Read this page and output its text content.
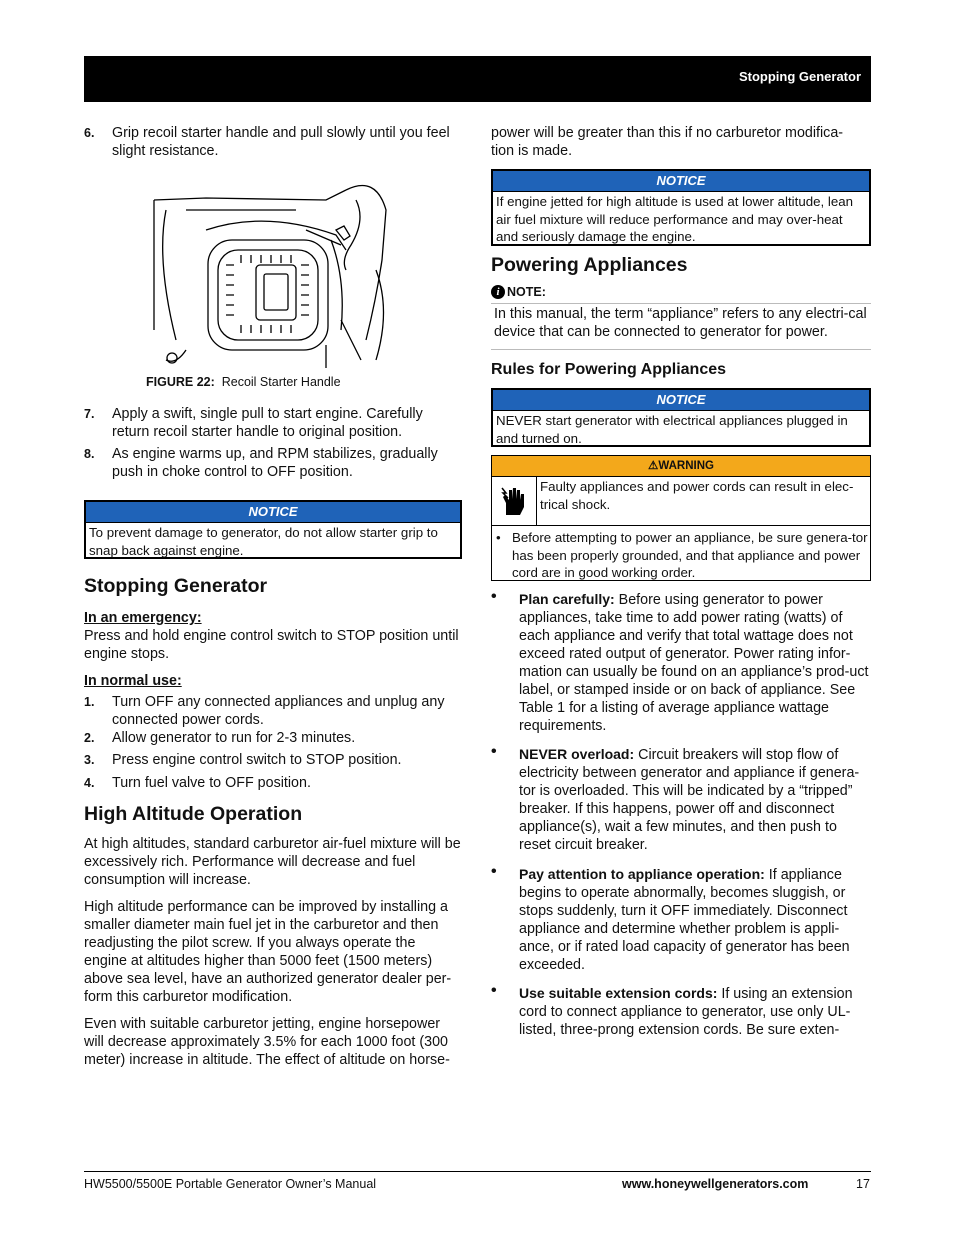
Stopping Generator
6. Grip recoil starter handle and pull slowly until you feel slight resistance.

FIGURE 22: Recoil Starter Handle
7. Apply a swift, single pull to start engine. Carefully return recoil starter handle to original position.

8. As engine warms up, and RPM stabilizes, gradually push in choke control to OFF position.

NOTICE
To prevent damage to generator, do not allow starter grip to snap back against engine.
Stopping Generator
In an emergency:

Press and hold engine control switch to STOP position until engine stops.

In normal use:
1. Turn OFF any connected appliances and unplug any connected power cords.

2. Allow generator to run for 2-3 minutes.

3. Press engine control switch to STOP position.

4. Turn fuel valve to OFF position.

High Altitude Operation

At high altitudes, standard carburetor air-fuel mixture will be excessively rich. Performance will decrease and fuel consumption will increase.

High altitude performance can be improved by installing a smaller diameter main fuel jet in the carburetor and then readjusting the pilot screw. If you always operate the engine at altitudes higher than 5000 feet (1500 meters) above sea level, have an authorized generator dealer per-form this carburetor modification.

Even with suitable carburetor jetting, engine horsepower will decrease approximately 3.5% for each 1000 foot (300 meter) increase in altitude. The effect of altitude on horse-

power will be greater than this if no carburetor modifica-tion is made.

NOTICE
If engine jetted for high altitude is used at lower altitude, lean air fuel mixture will reduce performance and may over-heat and seriously damage the engine.
Powering Appliances
i NOTE:

In this manual, the term “appliance” refers to any electri-cal device that can be connected to generator for power.

Rules for Powering Appliances
NOTICE
NEVER start generator with electrical appliances plugged in and turned on.
⚠WARNING
Faulty appliances and power cords can result in elec-trical shock.
• Before attempting to power an appliance, be sure genera-tor has been properly grounded, and that appliance and power cord are in good working order.
• Plan carefully: Before using generator to power appliances, take time to add power rating (watts) of each appliance and verify that total wattage does not exceed rated output of generator. Power rating infor-mation can usually be found on an appliance’s prod-uct label, or stamped inside or on back of appliance. See Table 1 for a listing of average appliance wattage requirements.

• NEVER overload: Circuit breakers will stop flow of electricity between generator and appliance if genera-tor is overloaded. This will be indicated by a “tripped” breaker. If this happens, power off and disconnect appliance(s), wait a few minutes, and then push to reset circuit breaker.

• Pay attention to appliance operation: If appliance begins to operate abnormally, becomes sluggish, or stops suddenly, turn it OFF immediately. Disconnect appliance and determine whether problem is appli-ance, or if rated load capacity of generator has been exceeded.

• Use suitable extension cords: If using an extension cord to connect appliance to generator, use only UL-listed, three-prong extension cords. Be sure exten-

HW5500/5500E Portable Generator Owner’s Manual	www.honeywellgenerators.com	17
